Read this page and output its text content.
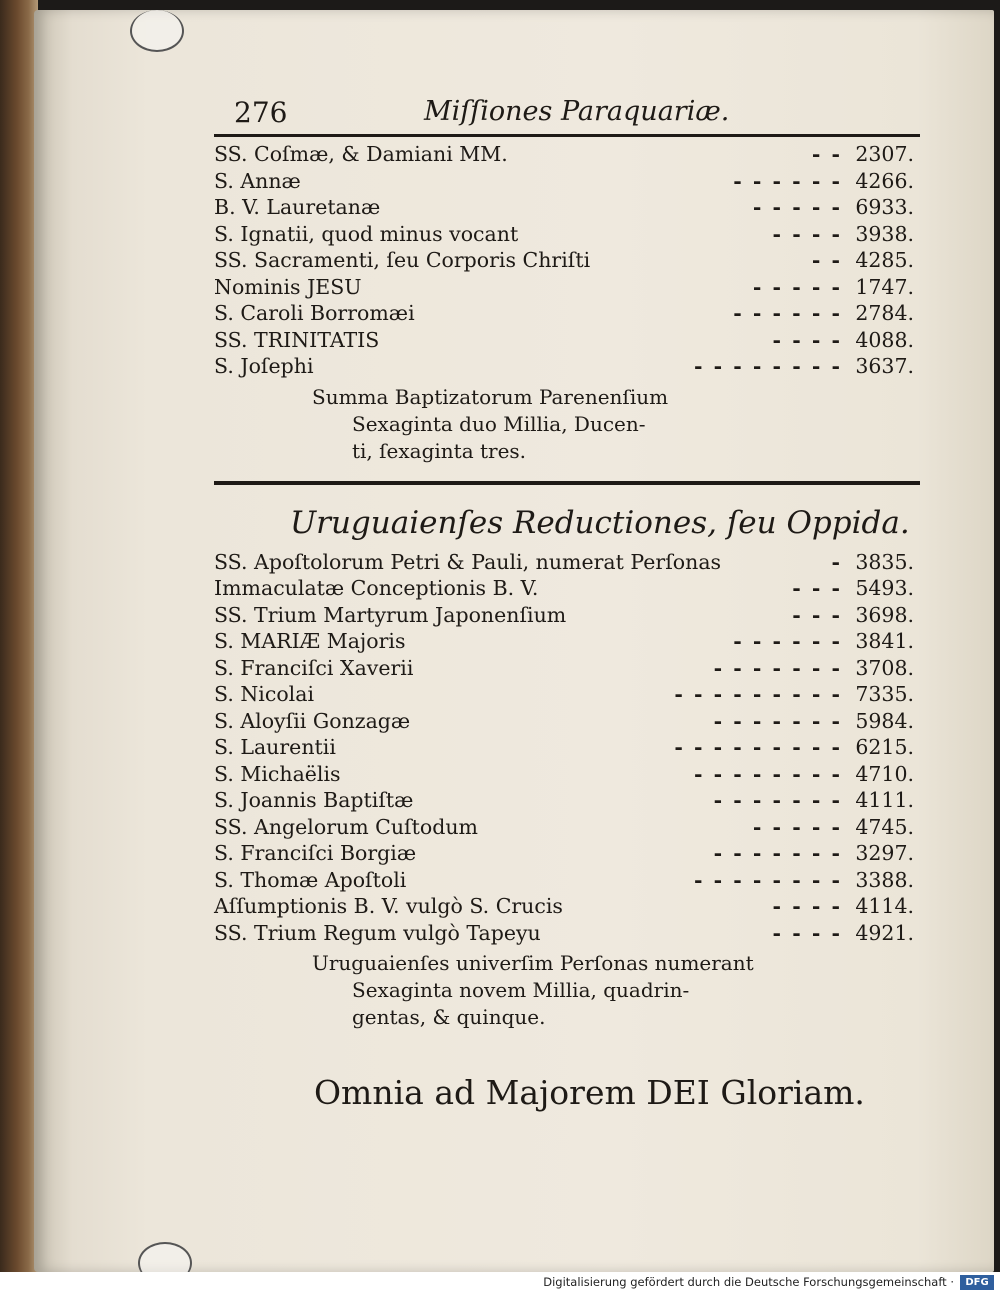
276	Miſſiones Paraquariæ.
SS. Coſmæ, & Damiani MM.	- - 2307.
S. Annæ	- - - - - - 4266.
B. V. Lauretanæ	- - - - - 6933.
S. Ignatii, quod minus vocant	- - - - 3938.
SS. Sacramenti, ſeu Corporis Chriſti	- - 4285.
Nominis JESU	- - - - - 1747.
S. Caroli Borromæi	- - - - - - 2784.
SS. TRINITATIS	- - - - 4088.
S. Joſephi	- - - - - - - - 3637.
Summa Baptizatorum Parenenſium
Sexaginta duo Millia, Ducen-
ti, ſexaginta tres.
Uruguaienſes Reductiones, ſeu Oppida.
SS. Apoſtolorum Petri & Pauli, numerat Perſonas	- 3835.
Immaculatæ Conceptionis B. V.	- - - 5493.
SS. Trium Martyrum Japonenſium	- - - 3698.
S. MARIÆ Majoris	- - - - - - 3841.
S. Franciſci Xaverii	- - - - - - - 3708.
S. Nicolai	- - - - - - - - - 7335.
S. Aloyſii Gonzagæ	- - - - - - - 5984.
S. Laurentii	- - - - - - - - - 6215.
S. Michaëlis	- - - - - - - - 4710.
S. Joannis Baptiſtæ	- - - - - - - 4111.
SS. Angelorum Cuſtodum	- - - - - 4745.
S. Franciſci Borgiæ	- - - - - - - 3297.
S. Thomæ Apoſtoli	- - - - - - - - 3388.
Aſſumptionis B. V. vulgò S. Crucis	- - - - 4114.
SS. Trium Regum vulgò Tapeyu	- - - - 4921.
Uruguaienſes univerſim Perſonas numerant
Sexaginta novem Millia, quadrin-
gentas, & quinque.
Omnia ad Majorem DEI Gloriam.
Digitalisierung gefördert durch die Deutsche Forschungsgemeinschaft ·	DFG
